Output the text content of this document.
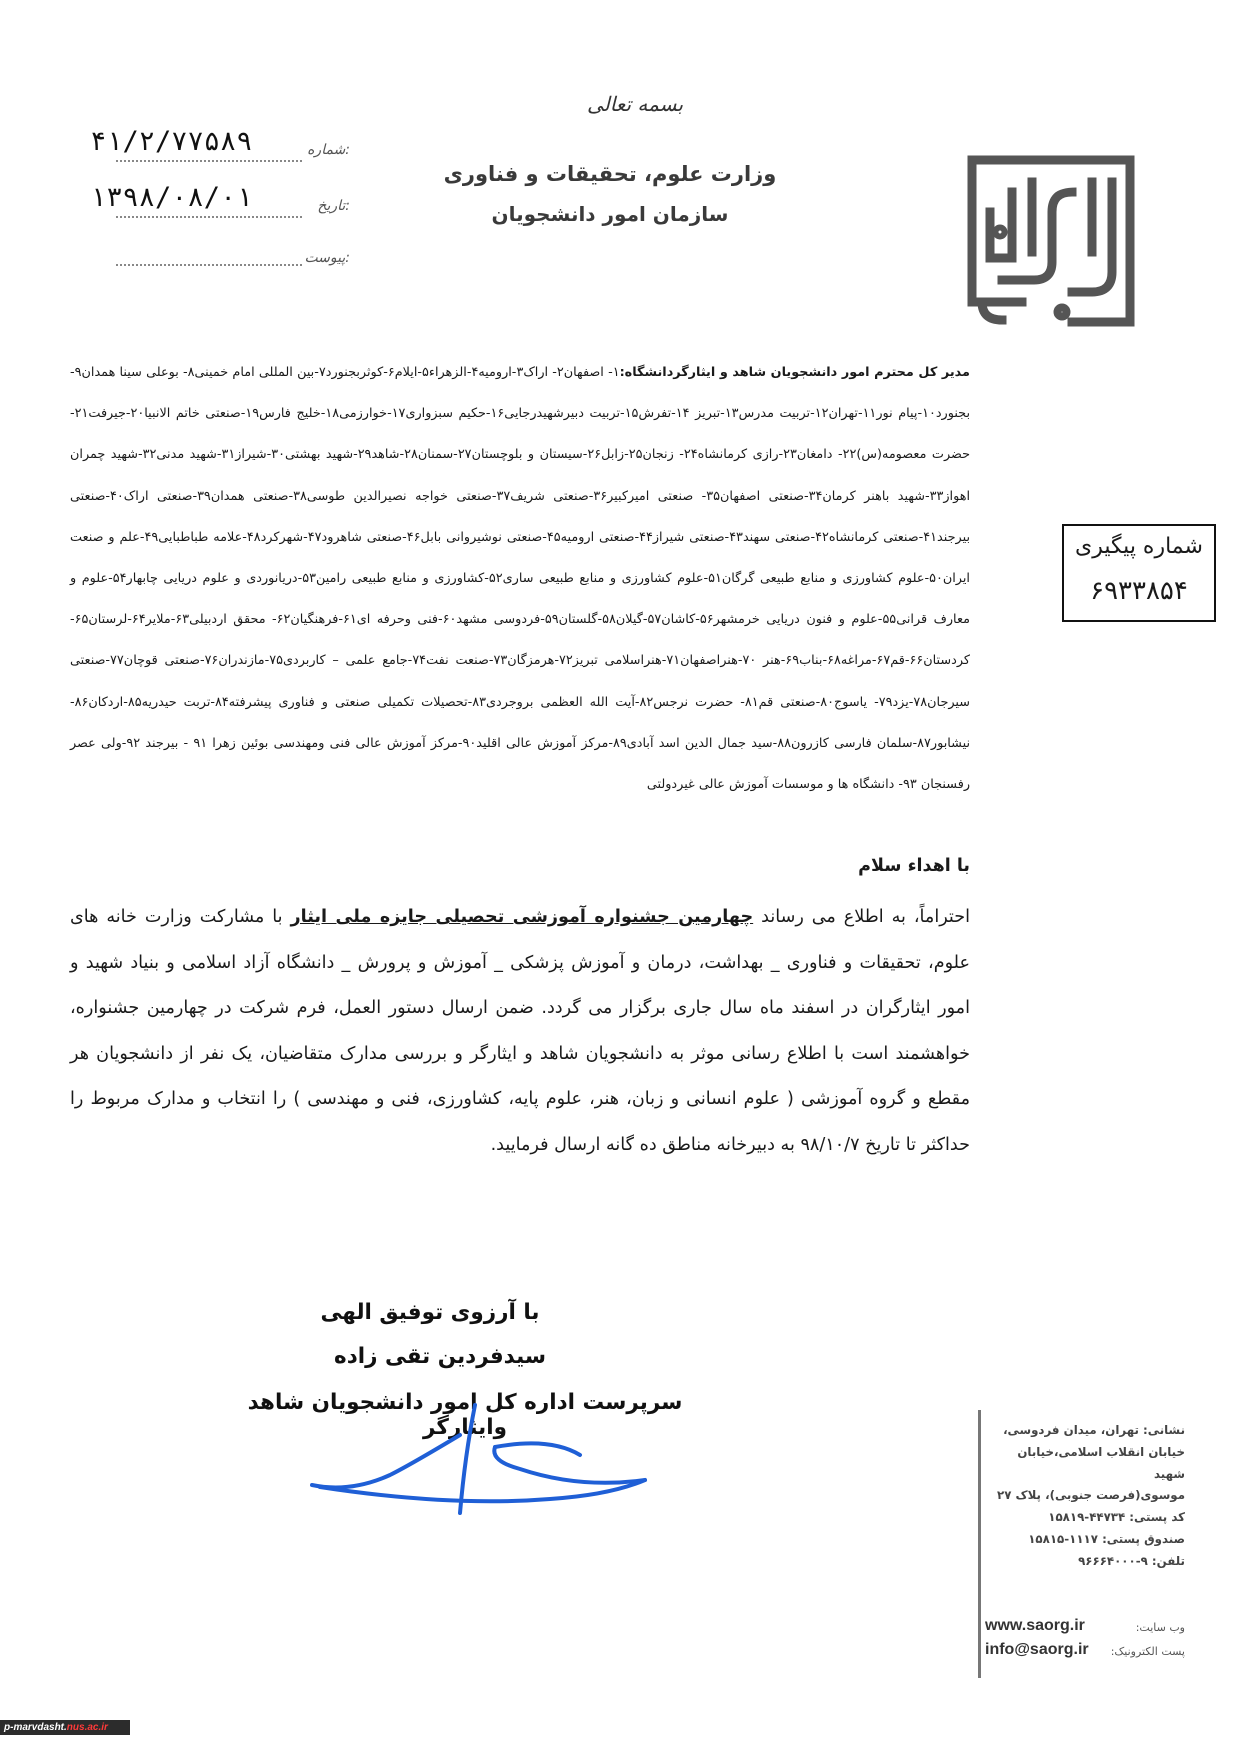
بسمه تعالی
وزارت علوم، تحقیقات و فناوری
سازمان امور دانشجویان
شماره:
۴۱/۲/۷۷۵۸۹
تاریخ:
۱۳۹۸/۰۸/۰۱
پیوست:
شماره پیگیری
۶۹۳۳۸۵۴
مدیر کل محترم امور دانشجویان شاهد و ایثارگردانشگاه:۱- اصفهان۲- اراک۳-ارومیه۴-الزهراء۵-ایلام۶-کوثربجنورد۷-بین المللی امام خمینی۸- بوعلی سینا همدان۹-بجنورد۱۰-پیام نور۱۱-تهران۱۲-تربیت مدرس۱۳-تبریز ۱۴-تفرش۱۵-تربیت دبیرشهیدرجایی۱۶-حکیم سبزواری۱۷-خوارزمی۱۸-خلیج فارس۱۹-صنعتی خاتم الانبیا۲۰-جیرفت۲۱-حضرت معصومه(س)۲۲- دامغان۲۳-رازی کرمانشاه۲۴- زنجان۲۵-زابل۲۶-سیستان و بلوچستان۲۷-سمنان۲۸-شاهد۲۹-شهید بهشتی۳۰-شیراز۳۱-شهید مدنی۳۲-شهید چمران اهواز۳۳-شهید باهنر کرمان۳۴-صنعتی اصفهان۳۵- صنعتی امیرکبیر۳۶-صنعتی شریف۳۷-صنعتی خواجه نصیرالدین طوسی۳۸-صنعتی همدان۳۹-صنعتی اراک۴۰-صنعتی بیرجند۴۱-صنعتی کرمانشاه۴۲-صنعتی سهند۴۳-صنعتی شیراز۴۴-صنعتی ارومیه۴۵-صنعتی نوشیروانی بابل۴۶-صنعتی شاهرود۴۷-شهرکرد۴۸-علامه طباطبایی۴۹-علم و صنعت ایران۵۰-علوم کشاورزی و منابع طبیعی گرگان۵۱-علوم کشاورزی و منابع طبیعی ساری۵۲-کشاورزی و منابع طبیعی رامین۵۳-دریانوردی و علوم دریایی چابهار۵۴-علوم و معارف قرانی۵۵-علوم و فنون دریایی خرمشهر۵۶-کاشان۵۷-گیلان۵۸-گلستان۵۹-فردوسی مشهد۶۰-فنی وحرفه ای۶۱-فرهنگیان۶۲- محقق اردبیلی۶۳-ملایر۶۴-لرستان۶۵-کردستان۶۶-قم۶۷-مراغه۶۸-بناب۶۹-هنر ۷۰-هنراصفهان۷۱-هنراسلامی تبریز۷۲-هرمزگان۷۳-صنعت نفت۷۴-جامع علمی – کاربردی۷۵-مازندران۷۶-صنعتی قوچان۷۷-صنعتی سیرجان۷۸-یزد۷۹- یاسوج۸۰-صنعتی قم۸۱- حضرت نرجس۸۲-آیت الله العظمی بروجردی۸۳-تحصیلات تکمیلی صنعتی و فناوری پیشرفته۸۴-تربت حیدریه۸۵-اردکان۸۶-نیشابور۸۷-سلمان فارسی کازرون۸۸-سید جمال الدین اسد آبادی۸۹-مرکز آموزش عالی اقلید۹۰-مرکز آموزش عالی فنی ومهندسی بوئین زهرا ۹۱ - بیرجند ۹۲-ولی عصر رفسنجان ۹۳- دانشگاه ها و موسسات آموزش عالی غیردولتی
با اهداء سلام
احتراماً، به اطلاع می رساند چهارمین جشنواره آموزشی تحصیلی جایزه ملی ایثار با مشارکت وزارت خانه های علوم، تحقیقات و فناوری _ بهداشت، درمان و آموزش پزشکی _ آموزش و پرورش _ دانشگاه آزاد اسلامی و بنیاد شهید و امور ایثارگران در اسفند ماه سال جاری برگزار می گردد. ضمن ارسال دستور العمل، فرم شرکت در چهارمین جشنواره، خواهشمند است با اطلاع رسانی موثر به دانشجویان شاهد و ایثارگر و بررسی مدارک متقاضیان، یک نفر از دانشجویان هر مقطع و گروه آموزشی ( علوم انسانی و زبان، هنر، علوم پایه، کشاورزی، فنی و مهندسی ) را انتخاب و مدارک مربوط را حداکثر تا تاریخ ۹۸/۱۰/۷ به دبیرخانه مناطق ده گانه ارسال فرمایید.
با آرزوی توفیق الهی
سیدفردین تقی زاده
سرپرست اداره کل امور دانشجویان شاهد وایثارگر	نشانی: تهران، میدان فردوسی،
خیابان انقلاب اسلامی،خیابان شهید
موسوی(فرصت جنوبی)، پلاک ۲۷
کد پستی: ۴۴۷۳۴-۱۵۸۱۹
صندوق پستی: ۱۱۱۷-۱۵۸۱۵
تلفن: ۹-۹۶۶۶۴۰۰۰
وب سایت:
www.saorg.ir
پست الکترونیک:
info@saorg.ir
p-marvdasht.nus.ac.ir
